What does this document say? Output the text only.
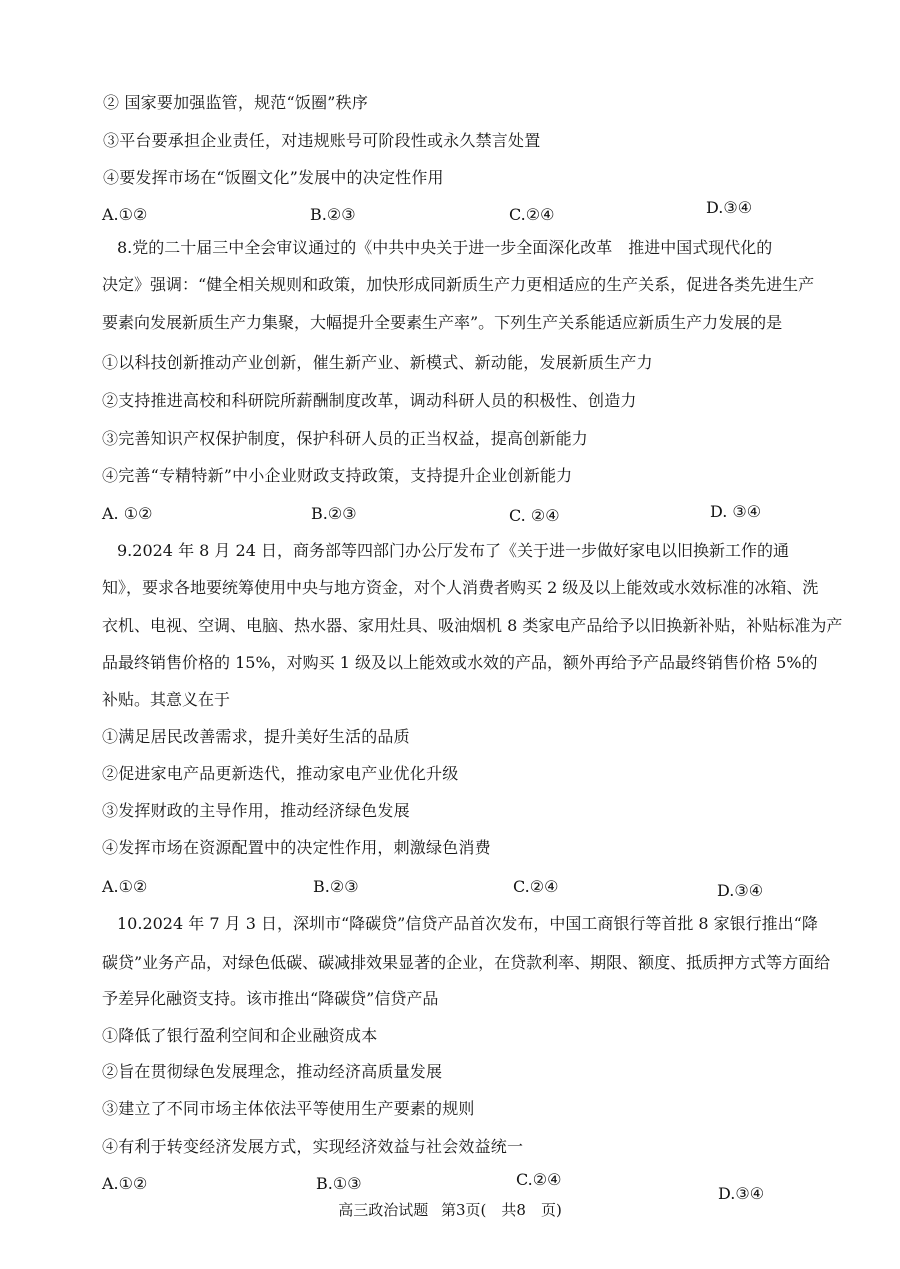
② 国家要加强监管，规范“饭圈”秩序
③平台要承担企业责任，对违规账号可阶段性或永久禁言处置
④要发挥市场在“饭圈文化”发展中的决定性作用
A.①②	B.②③	C.②④	D.③④
8.党的二十届三中全会审议通过的《中共中央关于进一步全面深化改革　推进中国式现代化的
决定》强调：“健全相关规则和政策，加快形成同新质生产力更相适应的生产关系，促进各类先进生产
要素向发展新质生产力集聚，大幅提升全要素生产率”。下列生产关系能适应新质生产力发展的是
①以科技创新推动产业创新，催生新产业、新模式、新动能，发展新质生产力
②支持推进高校和科研院所薪酬制度改革，调动科研人员的积极性、创造力
③完善知识产权保护制度，保护科研人员的正当权益，提高创新能力
④完善“专精特新”中小企业财政支持政策，支持提升企业创新能力
A. ①②	B.②③	C. ②④	D. ③④
9.2024 年 8 月 24 日，商务部等四部门办公厅发布了《关于进一步做好家电以旧换新工作的通
知》，要求各地要统筹使用中央与地方资金，对个人消费者购买 2 级及以上能效或水效标准的冰箱、洗
衣机、电视、空调、电脑、热水器、家用灶具、吸油烟机 8 类家电产品给予以旧换新补贴，补贴标准为产
品最终销售价格的 15%，对购买 1 级及以上能效或水效的产品，额外再给予产品最终销售价格 5%的
补贴。其意义在于
①满足居民改善需求，提升美好生活的品质
②促进家电产品更新迭代，推动家电产业优化升级
③发挥财政的主导作用，推动经济绿色发展
④发挥市场在资源配置中的决定性作用，刺激绿色消费
A.①②	B.②③	C.②④	D.③④
10.2024 年 7 月 3 日，深圳市“降碳贷”信贷产品首次发布，中国工商银行等首批 8 家银行推出“降
碳贷”业务产品，对绿色低碳、碳减排效果显著的企业，在贷款利率、期限、额度、抵质押方式等方面给
予差异化融资支持。该市推出“降碳贷”信贷产品
①降低了银行盈利空间和企业融资成本
②旨在贯彻绿色发展理念，推动经济高质量发展
③建立了不同市场主体依法平等使用生产要素的规则
④有利于转变经济发展方式，实现经济效益与社会效益统一
A.①②	B.①③	C.②④
D.③④
高三政治试题 第3页(　共8　页)
